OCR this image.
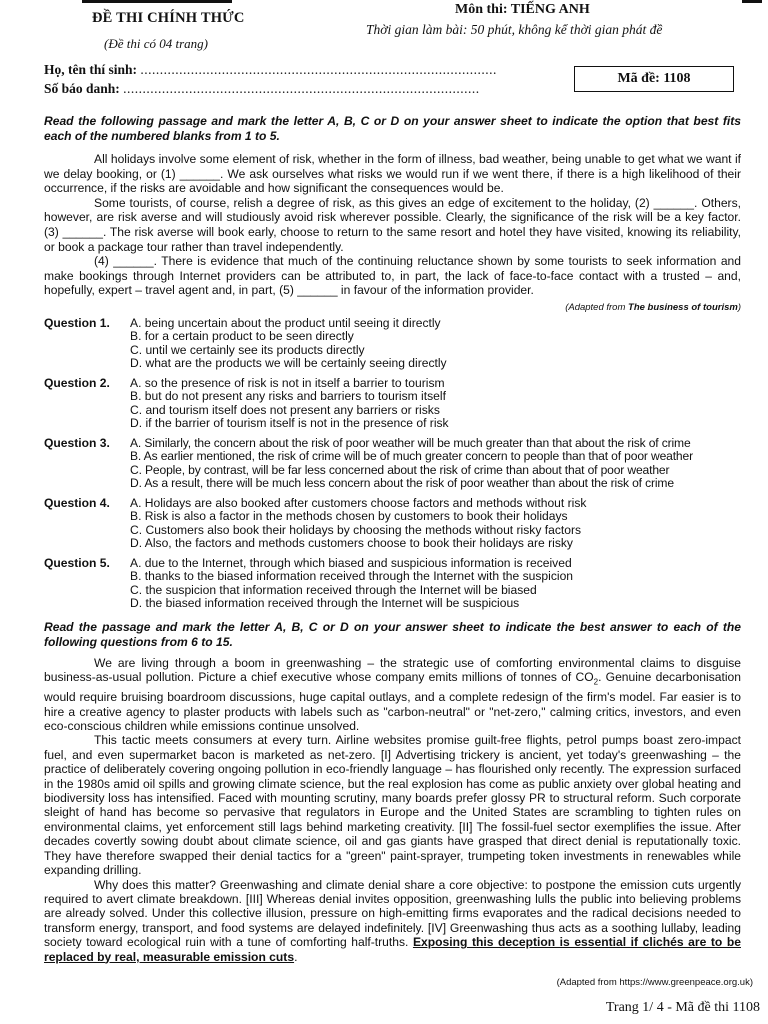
ĐỀ THI CHÍNH THỨC
(Đề thi có 04 trang)
Môn thi: TIẾNG ANH
Thời gian làm bài: 50 phút, không kể thời gian phát đề
Họ, tên thí sinh: ............................................................................................
Số báo danh: ............................................................................................
Mã đề: 1108
Read the following passage and mark the letter A, B, C or D on your answer sheet to indicate the option that best fits each of the numbered blanks from 1 to 5.

All holidays involve some element of risk, whether in the form of illness, bad weather, being unable to get what we want if we delay booking, or (1) ______. We ask ourselves what risks we would run if we went there, if there is a high likelihood of their occurrence, if the risks are avoidable and how significant the consequences would be.

Some tourists, of course, relish a degree of risk, as this gives an edge of excitement to the holiday, (2) ______. Others, however, are risk averse and will studiously avoid risk wherever possible. Clearly, the significance of the risk will be a key factor. (3) ______. The risk averse will book early, choose to return to the same resort and hotel they have visited, knowing its reliability, or book a package tour rather than travel independently.

(4) ______. There is evidence that much of the continuing reluctance shown by some tourists to seek information and make bookings through Internet providers can be attributed to, in part, the lack of face-to-face contact with a trusted – and, hopefully, expert – travel agent and, in part, (5) ______ in favour of the information provider.

(Adapted from The business of tourism)
Question 1.	A. being uncertain about the product until seeing it directly
B. for a certain product to be seen directly
C. until we certainly see its products directly
D. what are the products we will be certainly seeing directly
Question 2.	A. so the presence of risk is not in itself a barrier to tourism
B. but do not present any risks and barriers to tourism itself
C. and tourism itself does not present any barriers or risks
D. if the barrier of tourism itself is not in the presence of risk
Question 3.	A. Similarly, the concern about the risk of poor weather will be much greater than that about the risk of crime
B. As earlier mentioned, the risk of crime will be of much greater concern to people than that of poor weather
C. People, by contrast, will be far less concerned about the risk of crime than about that of poor weather
D. As a result, there will be much less concern about the risk of poor weather than about the risk of crime
Question 4.	A. Holidays are also booked after customers choose factors and methods without risk
B. Risk is also a factor in the methods chosen by customers to book their holidays
C. Customers also book their holidays by choosing the methods without risky factors
D. Also, the factors and methods customers choose to book their holidays are risky
Question 5.	A. due to the Internet, through which biased and suspicious information is received
B. thanks to the biased information received through the Internet with the suspicion
C. the suspicion that information received through the Internet will be biased
D. the biased information received through the Internet will be suspicious
Read the passage and mark the letter A, B, C or D on your answer sheet to indicate the best answer to each of the following questions from 6 to 15.

We are living through a boom in greenwashing – the strategic use of comforting environmental claims to disguise business-as-usual pollution. Picture a chief executive whose company emits millions of tonnes of $CO_2$. Genuine decarbonisation would require bruising boardroom discussions, huge capital outlays, and a complete redesign of the firm's model. Far easier is to hire a creative agency to plaster products with labels such as "carbon-neutral" or "net-zero," calming critics, investors, and even eco-conscious children while emissions continue unsolved.

This tactic meets consumers at every turn. Airline websites promise guilt-free flights, petrol pumps boast zero-impact fuel, and even supermarket bacon is marketed as net-zero. [I] Advertising trickery is ancient, yet today's greenwashing – the practice of deliberately covering ongoing pollution in eco-friendly language – has flourished only recently. The expression surfaced in the 1980s amid oil spills and growing climate science, but the real explosion has come as public anxiety over global heating and biodiversity loss has intensified. Faced with mounting scrutiny, many boards prefer glossy PR to structural reform. Such corporate sleight of hand has become so pervasive that regulators in Europe and the United States are scrambling to tighten rules on environmental claims, yet enforcement still lags behind marketing creativity. [II] The fossil-fuel sector exemplifies the issue. After decades covertly sowing doubt about climate science, oil and gas giants have grasped that direct denial is reputationally toxic. They have therefore swapped their denial tactics for a "green" paint-sprayer, trumpeting token investments in renewables while expanding drilling.

Why does this matter? Greenwashing and climate denial share a core objective: to postpone the emission cuts urgently required to avert climate breakdown. [III] Whereas denial invites opposition, greenwashing lulls the public into believing problems are already solved. Under this collective illusion, pressure on high-emitting firms evaporates and the radical decisions needed to transform energy, transport, and food systems are delayed indefinitely. [IV] Greenwashing thus acts as a soothing lullaby, leading society toward ecological ruin with a tune of comforting half-truths. Exposing this deception is essential if clichés are to be replaced by real, measurable emission cuts.

(Adapted from https://www.greenpeace.org.uk)
Trang 1/ 4 - Mã đề thi 1108
